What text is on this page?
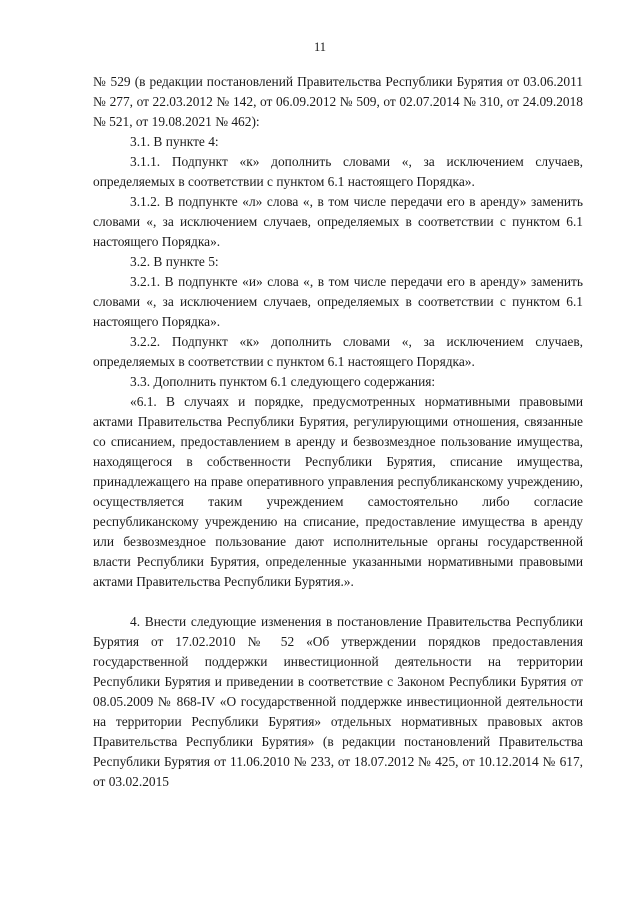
11

№ 529 (в редакции постановлений Правительства Республики Бурятия от 03.06.2011 № 277, от 22.03.2012 № 142, от 06.09.2012 № 509, от 02.07.2014 № 310, от 24.09.2018 № 521, от 19.08.2021 № 462):

3.1. В пункте 4:

3.1.1. Подпункт «к» дополнить словами «, за исключением случаев, определяемых в соответствии с пунктом 6.1 настоящего Порядка».

3.1.2. В подпункте «л» слова «, в том числе передачи его в аренду» заменить словами «, за исключением случаев, определяемых в соответствии с пунктом 6.1 настоящего Порядка».

3.2. В пункте 5:

3.2.1. В подпункте «и» слова «, в том числе передачи его в аренду» заменить словами «, за исключением случаев, определяемых в соответствии с пунктом 6.1 настоящего Порядка».

3.2.2. Подпункт «к» дополнить словами «, за исключением случаев, определяемых в соответствии с пунктом 6.1 настоящего Порядка».

3.3. Дополнить пунктом 6.1 следующего содержания:

«6.1. В случаях и порядке, предусмотренных нормативными правовыми актами Правительства Республики Бурятия, регулирующими отношения, связанные со списанием, предоставлением в аренду и безвозмездное пользование имущества, находящегося в собственности Республики Бурятия, списание имущества, принадлежащего на праве оперативного управления республиканскому учреждению, осуществляется таким учреждением самостоятельно либо согласие республиканскому учреждению на списание, предоставление имущества в аренду или безвозмездное пользование дают исполнительные органы государственной власти Республики Бурятия, определенные указанными нормативными правовыми актами Правительства Республики Бурятия.».

4. Внести следующие изменения в постановление Правительства Республики Бурятия от 17.02.2010 № 52 «Об утверждении порядков предоставления государственной поддержки инвестиционной деятельности на территории Республики Бурятия и приведении в соответствие с Законом Республики Бурятия от 08.05.2009 № 868-IV «О государственной поддержке инвестиционной деятельности на территории Республики Бурятия» отдельных нормативных правовых актов Правительства Республики Бурятия» (в редакции постановлений Правительства Республики Бурятия от 11.06.2010 № 233, от 18.07.2012 № 425, от 10.12.2014 № 617, от 03.02.2015
